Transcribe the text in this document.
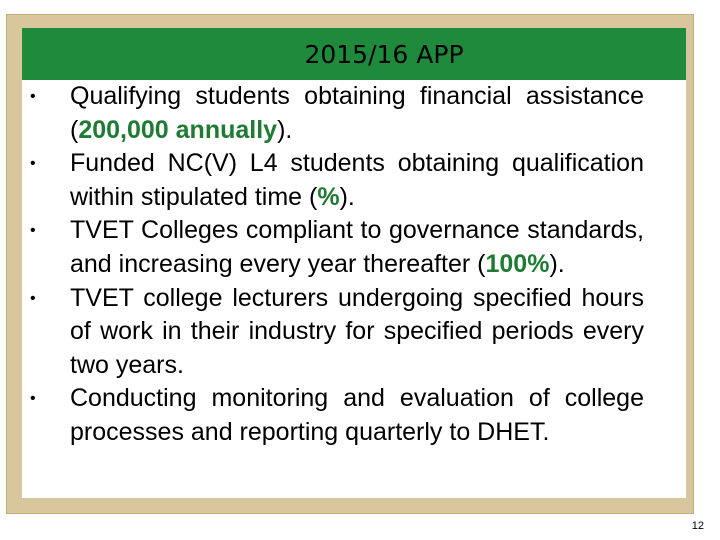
2015/16 APP
• Qualifying students obtaining financial assistance (200,000 annually).
• Funded NC(V) L4 students obtaining qualification within stipulated time (%).
• TVET Colleges compliant to governance standards, and increasing every year thereafter (100%).
• TVET college lecturers undergoing specified hours of work in their industry for specified periods every two years.
• Conducting monitoring and evaluation of college processes and reporting quarterly to DHET.
12
